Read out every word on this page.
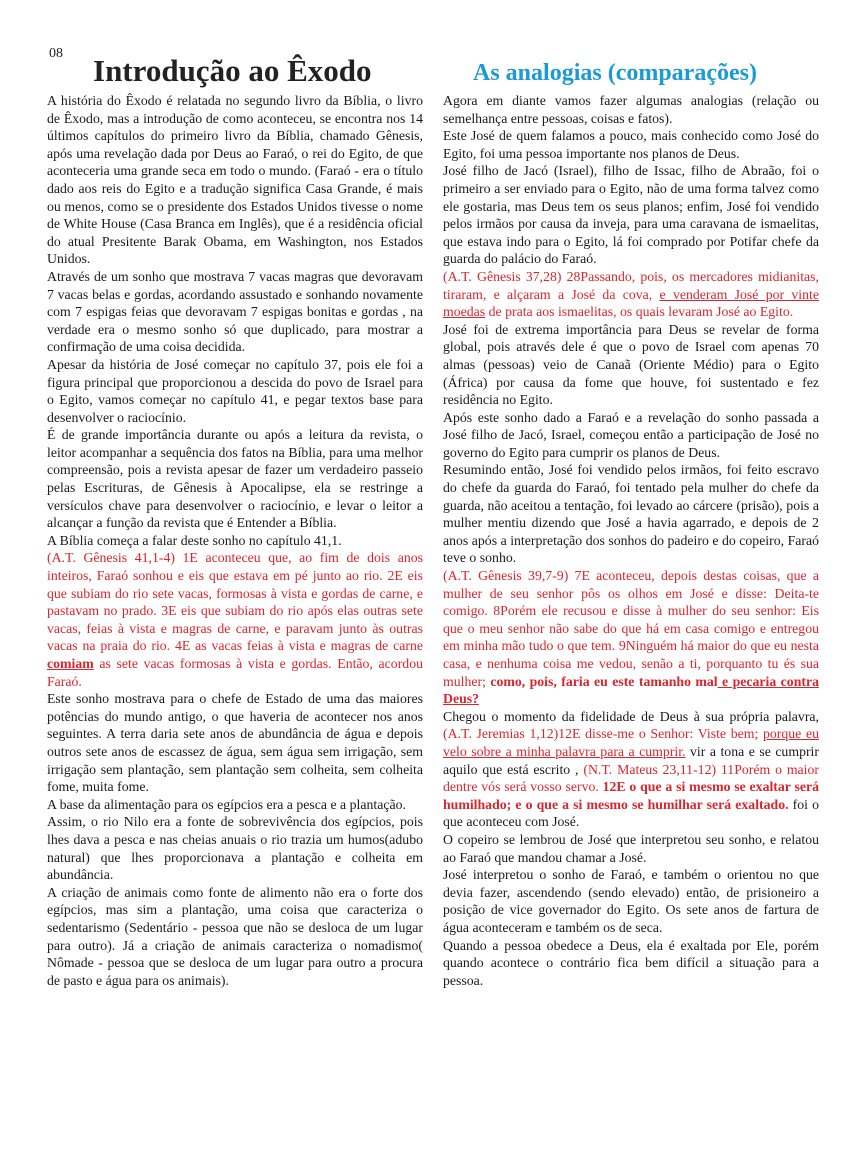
08 Introdução ao Êxodo

A história do Êxodo é relatada no segundo livro da Bíblia, o livro de Êxodo, mas a introdução de como aconteceu, se encontra nos 14 últimos capítulos do primeiro livro da Bíblia, chamado Gênesis, após uma revelação dada por Deus ao Faraó, o rei do Egito, de que aconteceria uma grande seca em todo o mundo. (Faraó - era o título dado aos reis do Egito e a tradução significa Casa Grande, é mais ou menos, como se o presidente dos Estados Unidos tivesse o nome de White House (Casa Branca em Inglês), que é a residência oficial do atual Presitente Barak Obama, em Washington, nos Estados Unidos.

Através de um sonho que mostrava 7 vacas magras que devoravam 7 vacas belas e gordas, acordando assustado e sonhando novamente com 7 espigas feias que devoravam 7 espigas bonitas e gordas , na verdade era o mesmo sonho só que duplicado, para mostrar a confirmação de uma coisa decidida.

Apesar da história de José começar no capítulo 37, pois ele foi a figura principal que proporcionou a descida do povo de Israel para o Egito, vamos começar no capítulo 41, e pegar textos base para desenvolver o raciocínio.

É de grande importância durante ou após a leitura da revista, o leitor acompanhar a sequência dos fatos na Bíblia, para uma melhor compreensão, pois a revista apesar de fazer um verdadeiro passeio pelas Escrituras, de Gênesis à Apocalipse, ela se restringe a versículos chave para desenvolver o raciocínio, e levar o leitor a alcançar a função da revista que é Entender a Bíblia.

A Bíblia começa a falar deste sonho no capítulo 41,1.

(A.T. Gênesis 41,1-4) 1E aconteceu que, ao fim de dois anos inteiros, Faraó sonhou e eis que estava em pé junto ao rio. 2E eis que subiam do rio sete vacas, formosas à vista e gordas de carne, e pastavam no prado. 3E eis que subiam do rio após elas outras sete vacas, feias à vista e magras de carne, e paravam junto às outras vacas na praia do rio. 4E as vacas feias à vista e magras de carne comiam as sete vacas formosas à vista e gordas. Então, acordou Faraó.

Este sonho mostrava para o chefe de Estado de uma das maiores potências do mundo antigo, o que haveria de acontecer nos anos seguintes. A terra daria sete anos de abundância de água e depois outros sete anos de escassez de água, sem água sem irrigação, sem irrigação sem plantação, sem plantação sem colheita, sem colheita fome, muita fome.

A base da alimentação para os egípcios era a pesca e a plantação.

Assim, o rio Nilo era a fonte de sobrevivência dos egípcios, pois lhes dava a pesca e nas cheias anuais o rio trazia um humos(adubo natural) que lhes proporcionava a plantação e colheita em abundância.

A criação de animais como fonte de alimento não era o forte dos egípcios, mas sim a plantação, uma coisa que caracteriza o sedentarismo (Sedentário - pessoa que não se desloca de um lugar para outro). Já a criação de animais caracteriza o nomadismo( Nômade - pessoa que se desloca de um lugar para outro a procura de pasto e água para os animais).

As analogias (comparações)

Agora em diante vamos fazer algumas analogias (relação ou semelhança entre pessoas, coisas e fatos).

Este José de quem falamos a pouco, mais conhecido como José do Egito, foi uma pessoa importante nos planos de Deus.

José filho de Jacó (Israel), filho de Issac, filho de Abraão, foi o primeiro a ser enviado para o Egito, não de uma forma talvez como ele gostaria, mas Deus tem os seus planos; enfim, José foi vendido pelos irmãos por causa da inveja, para uma caravana de ismaelitas, que estava indo para o Egito, lá foi comprado por Potifar chefe da guarda do palácio do Faraó.

(A.T. Gênesis 37,28) 28Passando, pois, os mercadores midianitas, tiraram, e alçaram a José da cova, e venderam José por vinte moedas de prata aos ismaelitas, os quais levaram José ao Egito.

José foi de extrema importância para Deus se revelar de forma global, pois através dele é que o povo de Israel com apenas 70 almas (pessoas) veio de Canaã (Oriente Médio) para o Egito (África) por causa da fome que houve, foi sustentado e fez residência no Egito.

Após este sonho dado a Faraó e a revelação do sonho passada a José filho de Jacó, Israel, começou então a participação de José no governo do Egito para cumprir os planos de Deus.

Resumindo então, José foi vendido pelos irmãos, foi feito escravo do chefe da guarda do Faraó, foi tentado pela mulher do chefe da guarda, não aceitou a tentação, foi levado ao cárcere (prisão), pois a mulher mentiu dizendo que José a havia agarrado, e depois de 2 anos após a interpretação dos sonhos do padeiro e do copeiro, Faraó teve o sonho.

(A.T. Gênesis 39,7-9) 7E aconteceu, depois destas coisas, que a mulher de seu senhor pôs os olhos em José e disse: Deita-te comigo. 8Porém ele recusou e disse à mulher do seu senhor: Eis que o meu senhor não sabe do que há em casa comigo e entregou em minha mão tudo o que tem. 9Ninguém há maior do que eu nesta casa, e nenhuma coisa me vedou, senão a ti, porquanto tu és sua mulher; como, pois, faria eu este tamanho mal e pecaria contra Deus?

Chegou o momento da fidelidade de Deus à sua própria palavra, (A.T. Jeremias 1,12)12E disse-me o Senhor: Viste bem; porque eu velo sobre a minha palavra para a cumprir. vir a tona e se cumprir aquilo que está escrito , (N.T. Mateus 23,11-12) 11Porém o maior dentre vós será vosso servo. 12E o que a si mesmo se exaltar será humilhado; e o que a si mesmo se humilhar será exaltado. foi o que aconteceu com José.

O copeiro se lembrou de José que interpretou seu sonho, e relatou ao Faraó que mandou chamar a José.

José interpretou o sonho de Faraó, e também o orientou no que devia fazer, ascendendo (sendo elevado) então, de prisioneiro a posição de vice governador do Egito. Os sete anos de fartura de água aconteceram e também os de seca.

Quando a pessoa obedece a Deus, ela é exaltada por Ele, porém quando acontece o contrário fica bem difícil a situação para a pessoa.
